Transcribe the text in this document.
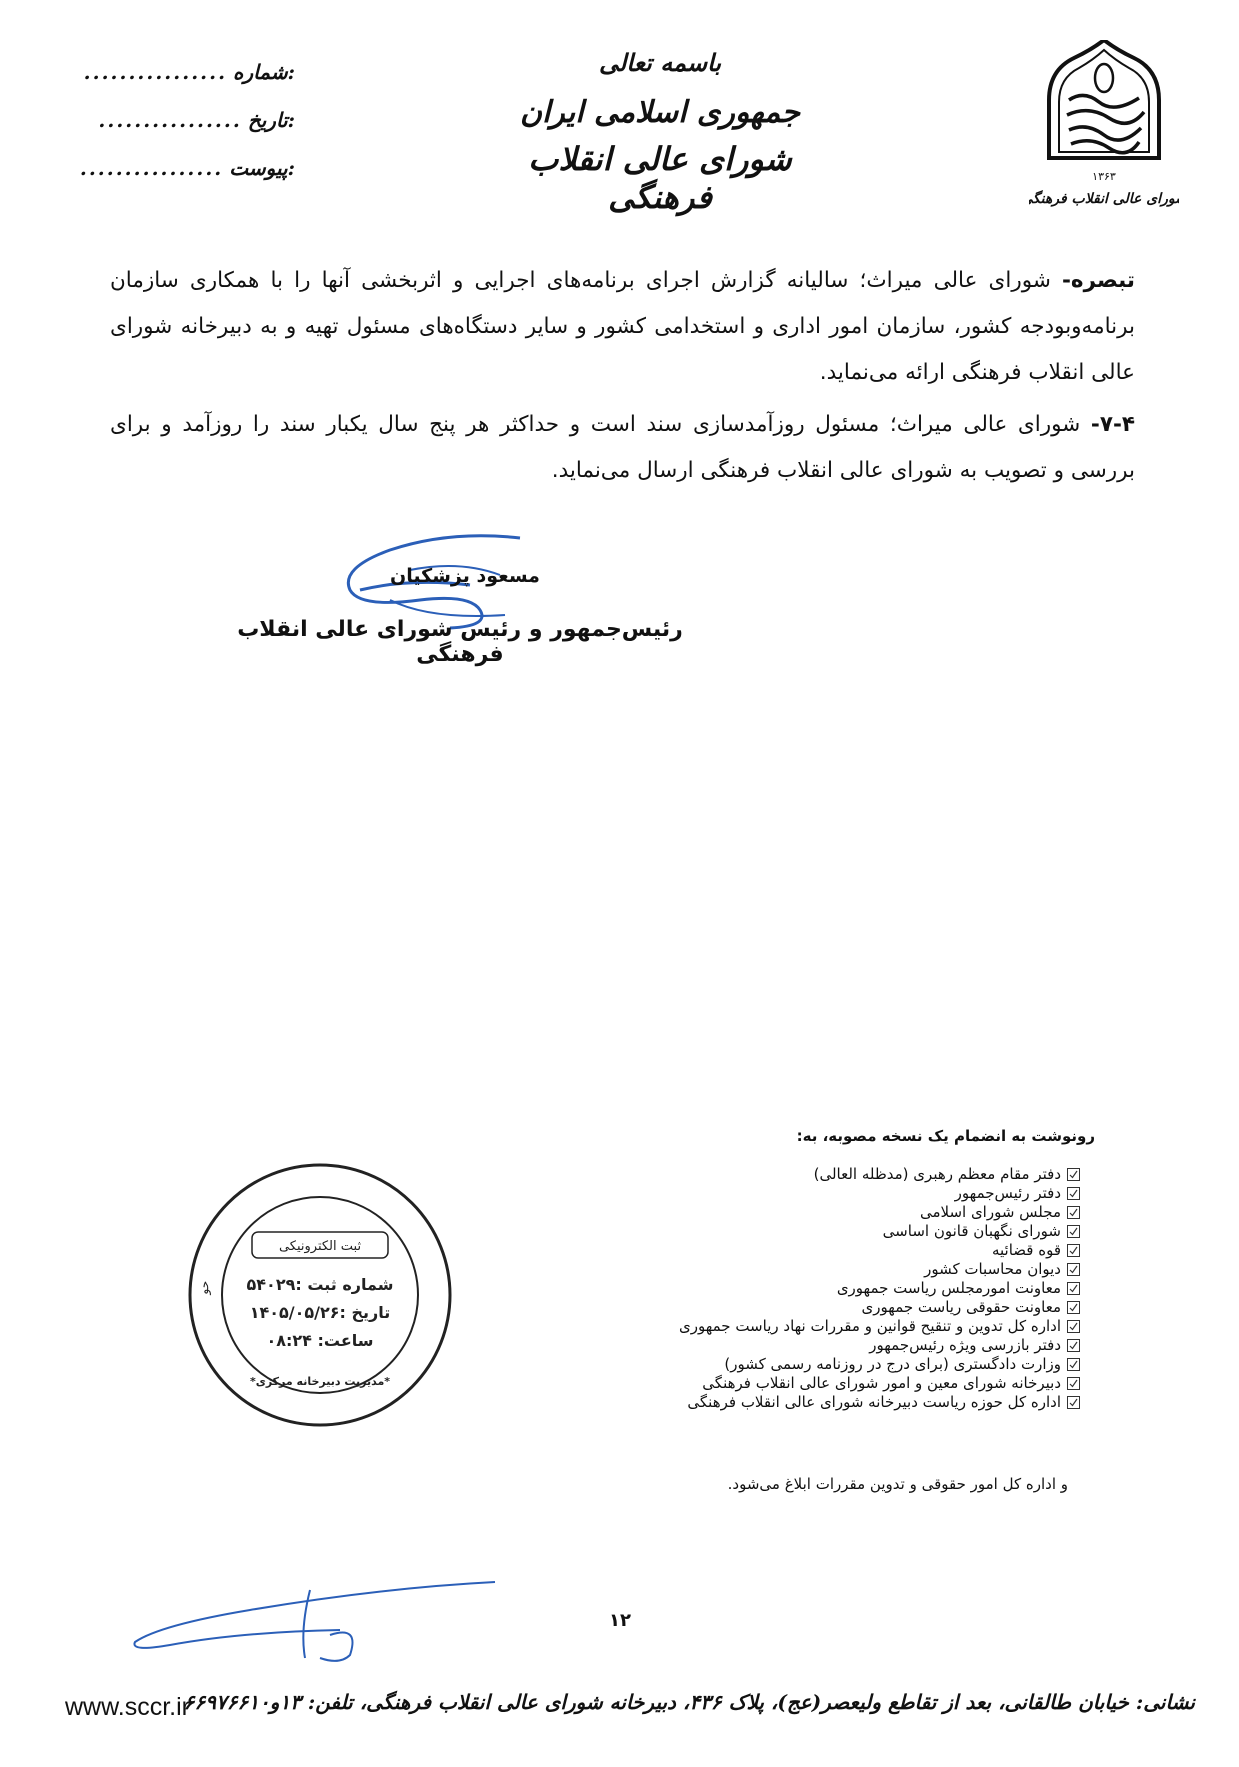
۱۳۶۳
شورای عالی انقلاب فرهنگی
باسمه تعالی
جمهوری اسلامی ایران
شورای عالی انقلاب فرهنگی
شماره:
................
تاریخ:
................
پیوست:
................

تبصره- شورای عالی میراث؛ سالیانه گزارش اجرای برنامه‌های اجرایی و اثربخشی آنها را با همکاری سازمان برنامه‌وبودجه کشور، سازمان امور اداری و استخدامی کشور و سایر دستگاه‌های مسئول تهیه و به دبیرخانه شورای عالی انقلاب فرهنگی ارائه می‌نماید.

۷-۴- شورای عالی میراث؛ مسئول روزآمدسازی سند است و حداکثر هر پنج سال یکبار سند را روزآمد و برای بررسی و تصویب به شورای عالی انقلاب فرهنگی ارسال می‌نماید.

مسعود پزشکیان
رئیس‌جمهور و رئیس شورای عالی انقلاب فرهنگی
حو
ثبت الکترونیکی
شماره ثبت :۵۴۰۲۹
تاریخ :۱۴۰۵/۰۵/۲۶
ساعت: ۰۸:۲۴
*مدیریت دبیرخانه مرکزی*
رونوشت به انضمام یک نسخه مصوبه، به:
دفتر مقام معظم رهبری (مدظله العالی)
دفتر رئیس‌جمهور
مجلس شورای اسلامی
شورای نگهبان قانون اساسی
قوه قضائیه
دیوان محاسبات کشور
معاونت امورمجلس ریاست جمهوری
معاونت حقوقی ریاست جمهوری
اداره کل تدوین و تنقیح قوانین و مقررات نهاد ریاست جمهوری
دفتر بازرسی ویژه رئیس‌جمهور
وزارت دادگستری (برای درج در روزنامه رسمی کشور)
دبیرخانه شورای معین و امور شورای عالی انقلاب فرهنگی
اداره کل حوزه ریاست دبیرخانه شورای عالی انقلاب فرهنگی
و اداره کل امور حقوقی و تدوین مقررات ابلاغ می‌شود.
۱۲
نشانی: خیابان طالقانی، بعد از تقاطع ولیعصر(عج)، پلاک ۴۳۶، دبیرخانه شورای عالی انقلاب فرهنگی، تلفن: ۱۳و۶۶۹۷۶۶۱۰
www.sccr.ir
